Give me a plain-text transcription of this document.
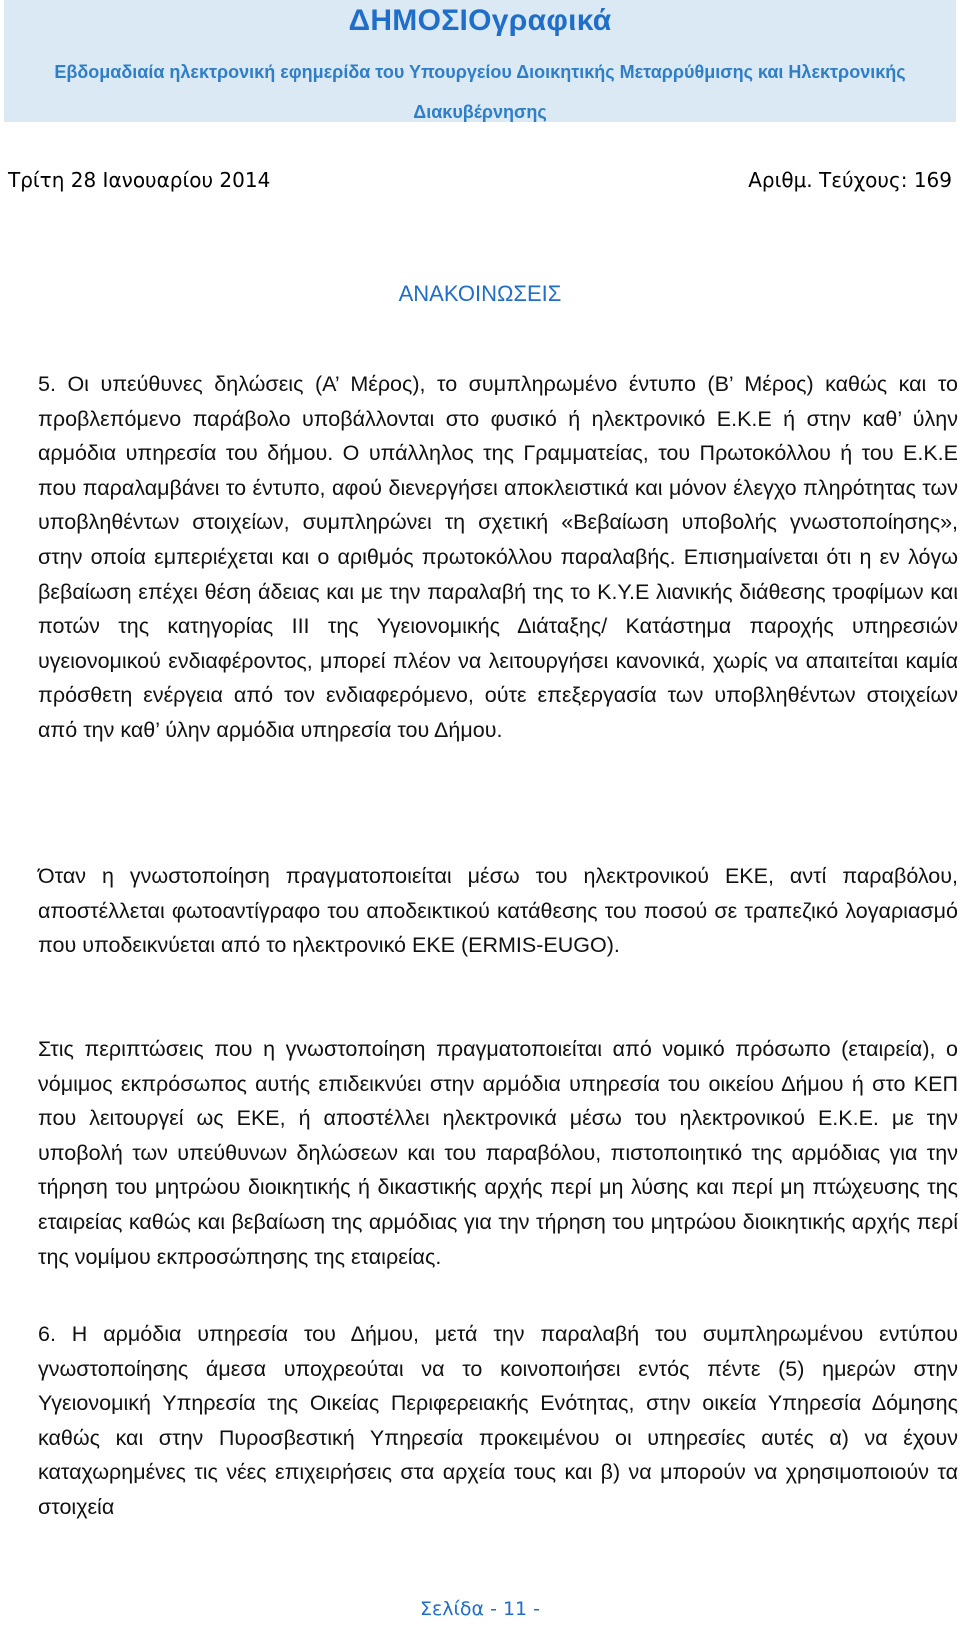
ΔΗΜΟΣΙΟγραφικά
Εβδομαδιαία ηλεκτρονική εφημερίδα του Υπουργείου Διοικητικής Μεταρρύθμισης και Ηλεκτρονικής Διακυβέρνησης
Τρίτη 28 Ιανουαρίου 2014	Αριθμ. Τεύχους: 169
ΑΝΑΚΟΙΝΩΣΕΙΣ

5. Οι υπεύθυνες δηλώσεις (Α’ Μέρος), το συμπληρωμένο έντυπο (Β’ Μέρος) καθώς και το προβλεπόμενο παράβολο υποβάλλονται στο φυσικό ή ηλεκτρονικό Ε.Κ.Ε ή στην καθ’ ύλην αρμόδια υπηρεσία του δήμου. Ο υπάλληλος της Γραμματείας, του Πρωτοκόλλου ή του Ε.Κ.Ε που παραλαμβάνει το έντυπο, αφού διενεργήσει αποκλειστικά και μόνον έλεγχο πληρότητας των υποβληθέντων στοιχείων, συμπληρώνει τη σχετική «Βεβαίωση υποβολής γνωστοποίησης», στην οποία εμπεριέχεται και ο αριθμός πρωτοκόλλου παραλαβής. Επισημαίνεται ότι η εν λόγω βεβαίωση επέχει θέση άδειας και με την παραλαβή της το Κ.Υ.Ε λιανικής διάθεσης τροφίμων και ποτών της κατηγορίας ΙΙΙ της Υγειονομικής Διάταξης/ Κατάστημα παροχής υπηρεσιών υγειονομικού ενδιαφέροντος, μπορεί πλέον να λειτουργήσει κανονικά, χωρίς να απαιτείται καμία πρόσθετη ενέργεια από τον ενδιαφερόμενο, ούτε επεξεργασία των υποβληθέντων στοιχείων από την καθ’ ύλην αρμόδια υπηρεσία του Δήμου.

Όταν η γνωστοποίηση πραγματοποιείται μέσω του ηλεκτρονικού ΕΚΕ, αντί παραβόλου, αποστέλλεται φωτοαντίγραφο του αποδεικτικού κατάθεσης του ποσού σε τραπεζικό λογαριασμό που υποδεικνύεται από το ηλεκτρονικό ΕΚΕ (ERMIS-EUGO).

Στις περιπτώσεις που η γνωστοποίηση πραγματοποιείται από νομικό πρόσωπο (εταιρεία), ο νόμιμος εκπρόσωπος αυτής επιδεικνύει στην αρμόδια υπηρεσία του οικείου Δήμου ή στο ΚΕΠ που λειτουργεί ως ΕΚΕ, ή αποστέλλει ηλεκτρονικά μέσω του ηλεκτρονικού Ε.Κ.Ε. με την υποβολή των υπεύθυνων δηλώσεων και του παραβόλου, πιστοποιητικό της αρμόδιας για την τήρηση του μητρώου διοικητικής ή δικαστικής αρχής περί μη λύσης και περί μη πτώχευσης της εταιρείας καθώς και βεβαίωση της αρμόδιας για την τήρηση του μητρώου διοικητικής αρχής περί της νομίμου εκπροσώπησης της εταιρείας.

6. Η αρμόδια υπηρεσία του Δήμου, μετά την παραλαβή του συμπληρωμένου εντύπου γνωστοποίησης άμεσα υποχρεούται να το κοινοποιήσει εντός πέντε (5) ημερών στην Υγειονομική Υπηρεσία της Οικείας Περιφερειακής Ενότητας, στην οικεία Υπηρεσία Δόμησης καθώς και στην Πυροσβεστική Υπηρεσία προκειμένου οι υπηρεσίες αυτές α) να έχουν καταχωρημένες τις νέες επιχειρήσεις στα αρχεία τους και β) να μπορούν να χρησιμοποιούν τα στοιχεία

Σελίδα - 11 -
